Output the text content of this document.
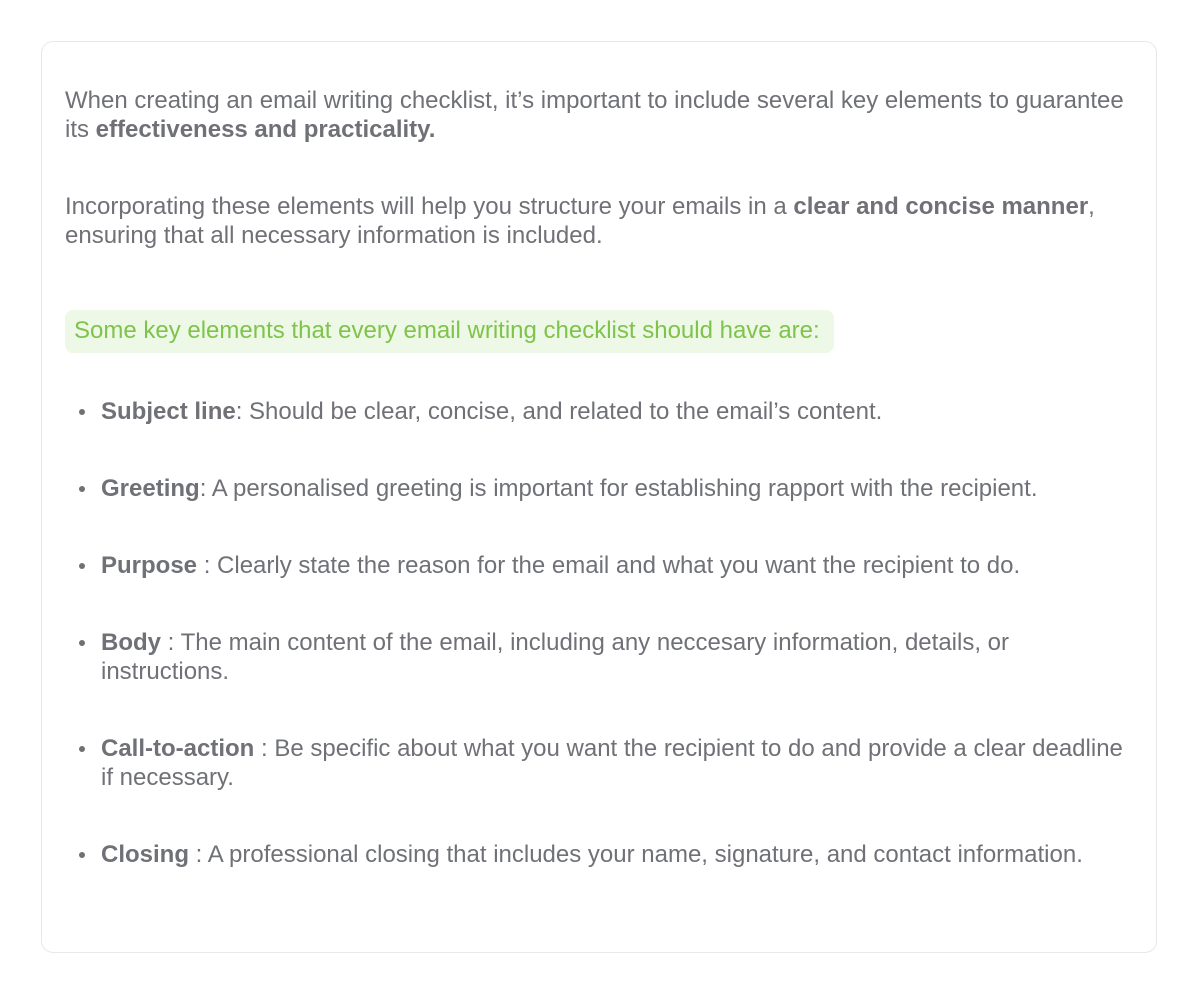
When creating an email writing checklist, it’s important to include several key elements to guarantee its effectiveness and practicality.

Incorporating these elements will help you structure your emails in a clear and concise manner, ensuring that all necessary information is included.

Some key elements that every email writing checklist should have are:
Subject line: Should be clear, concise, and related to the email’s content.
Greeting: A personalised greeting is important for establishing rapport with the recipient.
Purpose : Clearly state the reason for the email and what you want the recipient to do.
Body : The main content of the email, including any neccesary information, details, or instructions.
Call-to-action : Be specific about what you want the recipient to do and provide a clear deadline if necessary.
Closing : A professional closing that includes your name, signature, and contact information.
